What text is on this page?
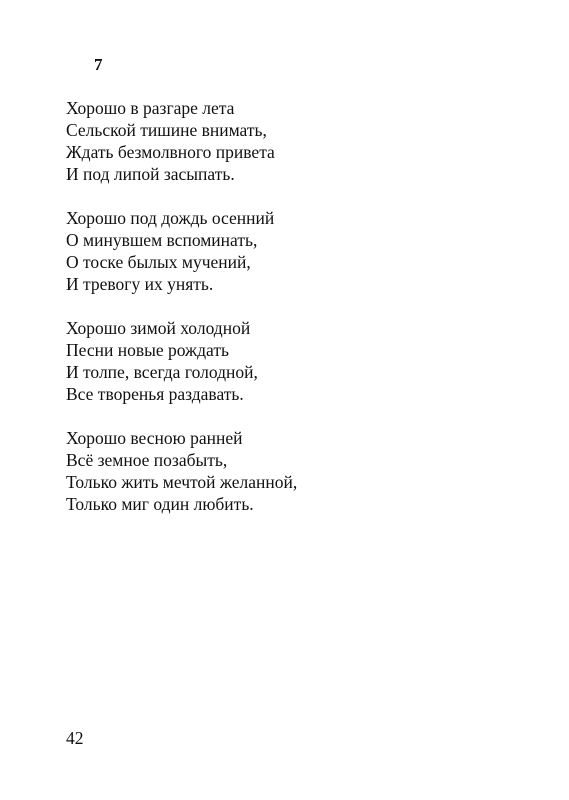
7
Хорошо в разгаре лета
Сельской тишине внимать,
Ждать безмолвного привета
И под липой засыпать.
Хорошо под дождь осенний
О минувшем вспоминать,
О тоске былых мучений,
И тревогу их унять.
Хорошо зимой холодной
Песни новые рождать
И толпе, всегда голодной,
Все творенья раздавать.
Хорошо весною ранней
Всё земное позабыть,
Только жить мечтой желанной,
Только миг один любить.
42
